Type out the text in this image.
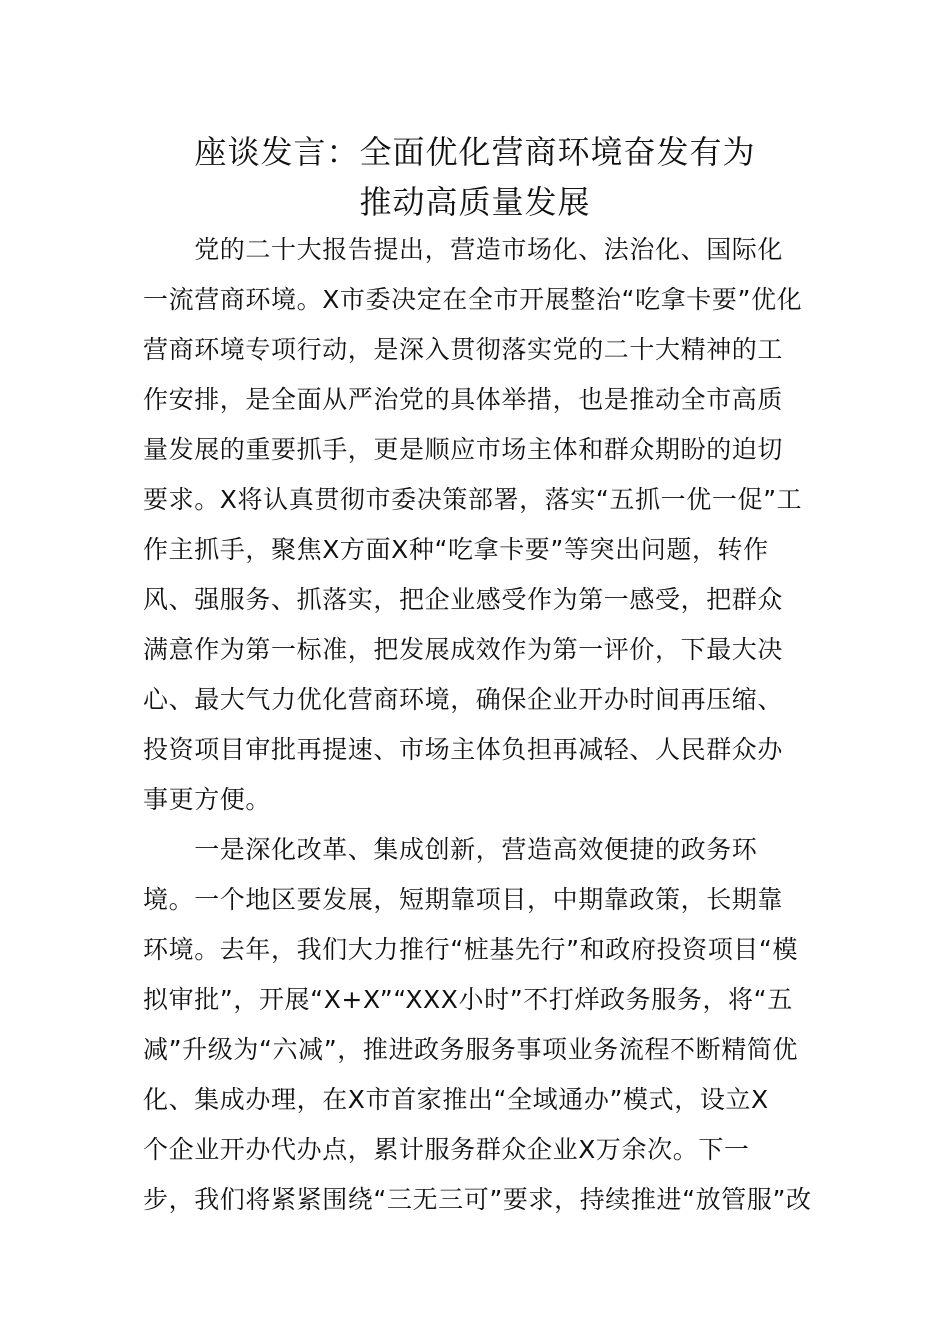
座谈发言：全面优化营商环境奋发有为
推动高质量发展

　　党的二十大报告提出，营造市场化、法治化、国际化

一流营商环境。X市委决定在全市开展整治“吃拿卡要”优化

营商环境专项行动，是深入贯彻落实党的二十大精神的工

作安排，是全面从严治党的具体举措，也是推动全市高质

量发展的重要抓手，更是顺应市场主体和群众期盼的迫切

要求。X将认真贯彻市委决策部署，落实“五抓一优一促”工

作主抓手，聚焦X方面X种“吃拿卡要”等突出问题，转作

风、强服务、抓落实，把企业感受作为第一感受，把群众

满意作为第一标准，把发展成效作为第一评价，下最大决

心、最大气力优化营商环境，确保企业开办时间再压缩、

投资项目审批再提速、市场主体负担再减轻、人民群众办

事更方便。

　　一是深化改革、集成创新，营造高效便捷的政务环

境。一个地区要发展，短期靠项目，中期靠政策，长期靠

环境。去年，我们大力推行“桩基先行”和政府投资项目“模

拟审批”，开展“X+X”“XXX小时”不打烊政务服务，将“五

减”升级为“六减”，推进政务服务事项业务流程不断精简优

化、集成办理，在X市首家推出“全域通办”模式，设立X

个企业开办代办点，累计服务群众企业X万余次。下一

步，我们将紧紧围绕“三无三可”要求，持续推进“放管服”改
